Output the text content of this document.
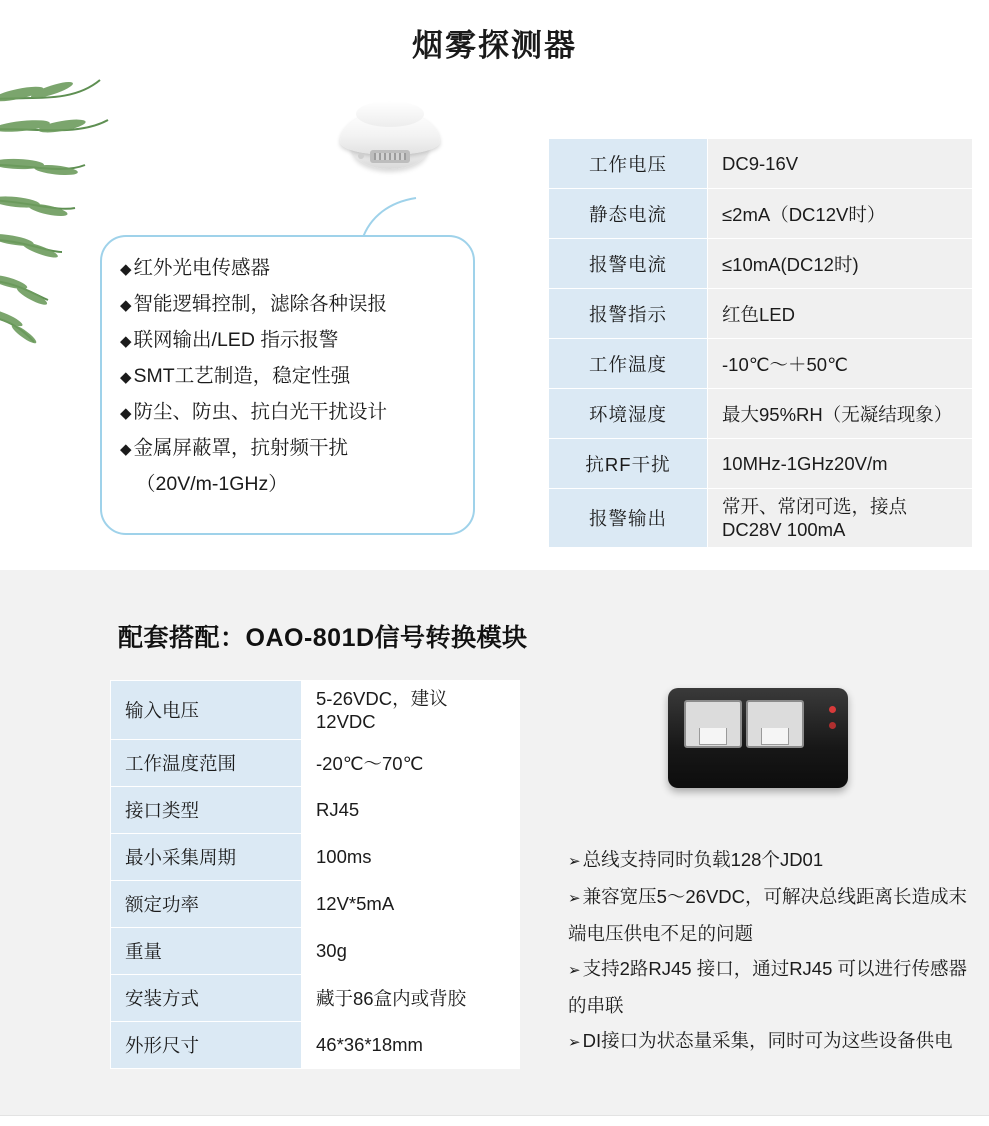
烟雾探测器
◆ 红外光电传感器
◆ 智能逻辑控制，滤除各种误报
◆ 联网输出/LED 指示报警
◆ SMT工艺制造，稳定性强
◆ 防尘、防虫、抗白光干扰设计
◆ 金属屏蔽罩，抗射频干扰
（20V/m-1GHz）
工作电压	DC9-16V
静态电流	≤2mA（DC12V时）
报警电流	≤10mA(DC12时)
报警指示	红色LED
工作温度	-10℃～＋50℃
环境湿度	最大95%RH（无凝结现象）
抗RF干扰	10MHz-1GHz20V/m
报警输出	常开、常闭可选，接点
DC28V 100mA
配套搭配：OAO-801D信号转换模块
输入电压	5-26VDC，建议
12VDC

工作温度范围	-20℃～70℃
接口类型	RJ45
最小采集周期	100ms
额定功率	12V*5mA
重量	30g
安装方式	藏于86盒内或背胶
外形尺寸	46*36*18mm
➢ 总线支持同时负载128个JD01
➢ 兼容宽压5～26VDC，可解决总线距离长造成末端电压供电不足的问题
➢ 支持2路RJ45 接口，通过RJ45 可以进行传感器的串联
➢ DI接口为状态量采集，同时可为这些设备供电
